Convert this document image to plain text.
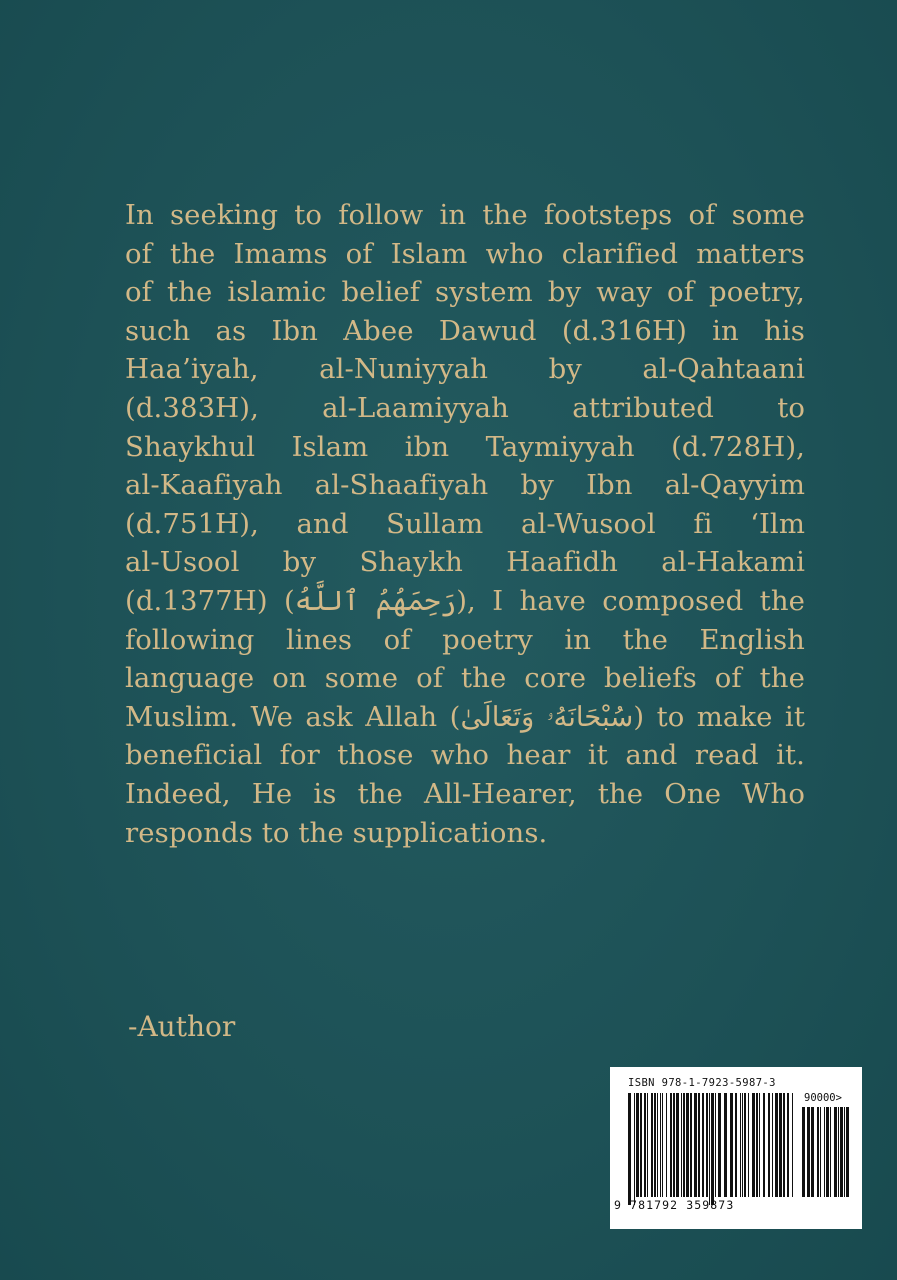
In seeking to follow in the footsteps of some
of the Imams of Islam who clarified matters
of the islamic belief system by way of poetry,
such as Ibn Abee Dawud (d.316H) in his
Haa’iyah, al-Nuniyyah by al-Qahtaani
(d.383H), al-Laamiyyah attributed to
Shaykhul Islam ibn Taymiyyah (d.728H),
al-Kaafiyah al-Shaafiyah by Ibn al-Qayyim
(d.751H), and Sullam al-Wusool fi ‘Ilm
al-Usool by Shaykh Haafidh al-Hakami
(d.1377H) (رَحِمَهُمُ ٱللَّهُ), I have composed the
following lines of poetry in the English
language on some of the core beliefs of the
Muslim. We ask Allah (سُبْحَانَهُۥ وَتَعَالَىٰ) to make it
beneficial for those who hear it and read it.
Indeed, He is the All-Hearer, the One Who
responds to the supplications.
-Author
ISBN 978-1-7923-5987-3
90000>
9 781792 359873
